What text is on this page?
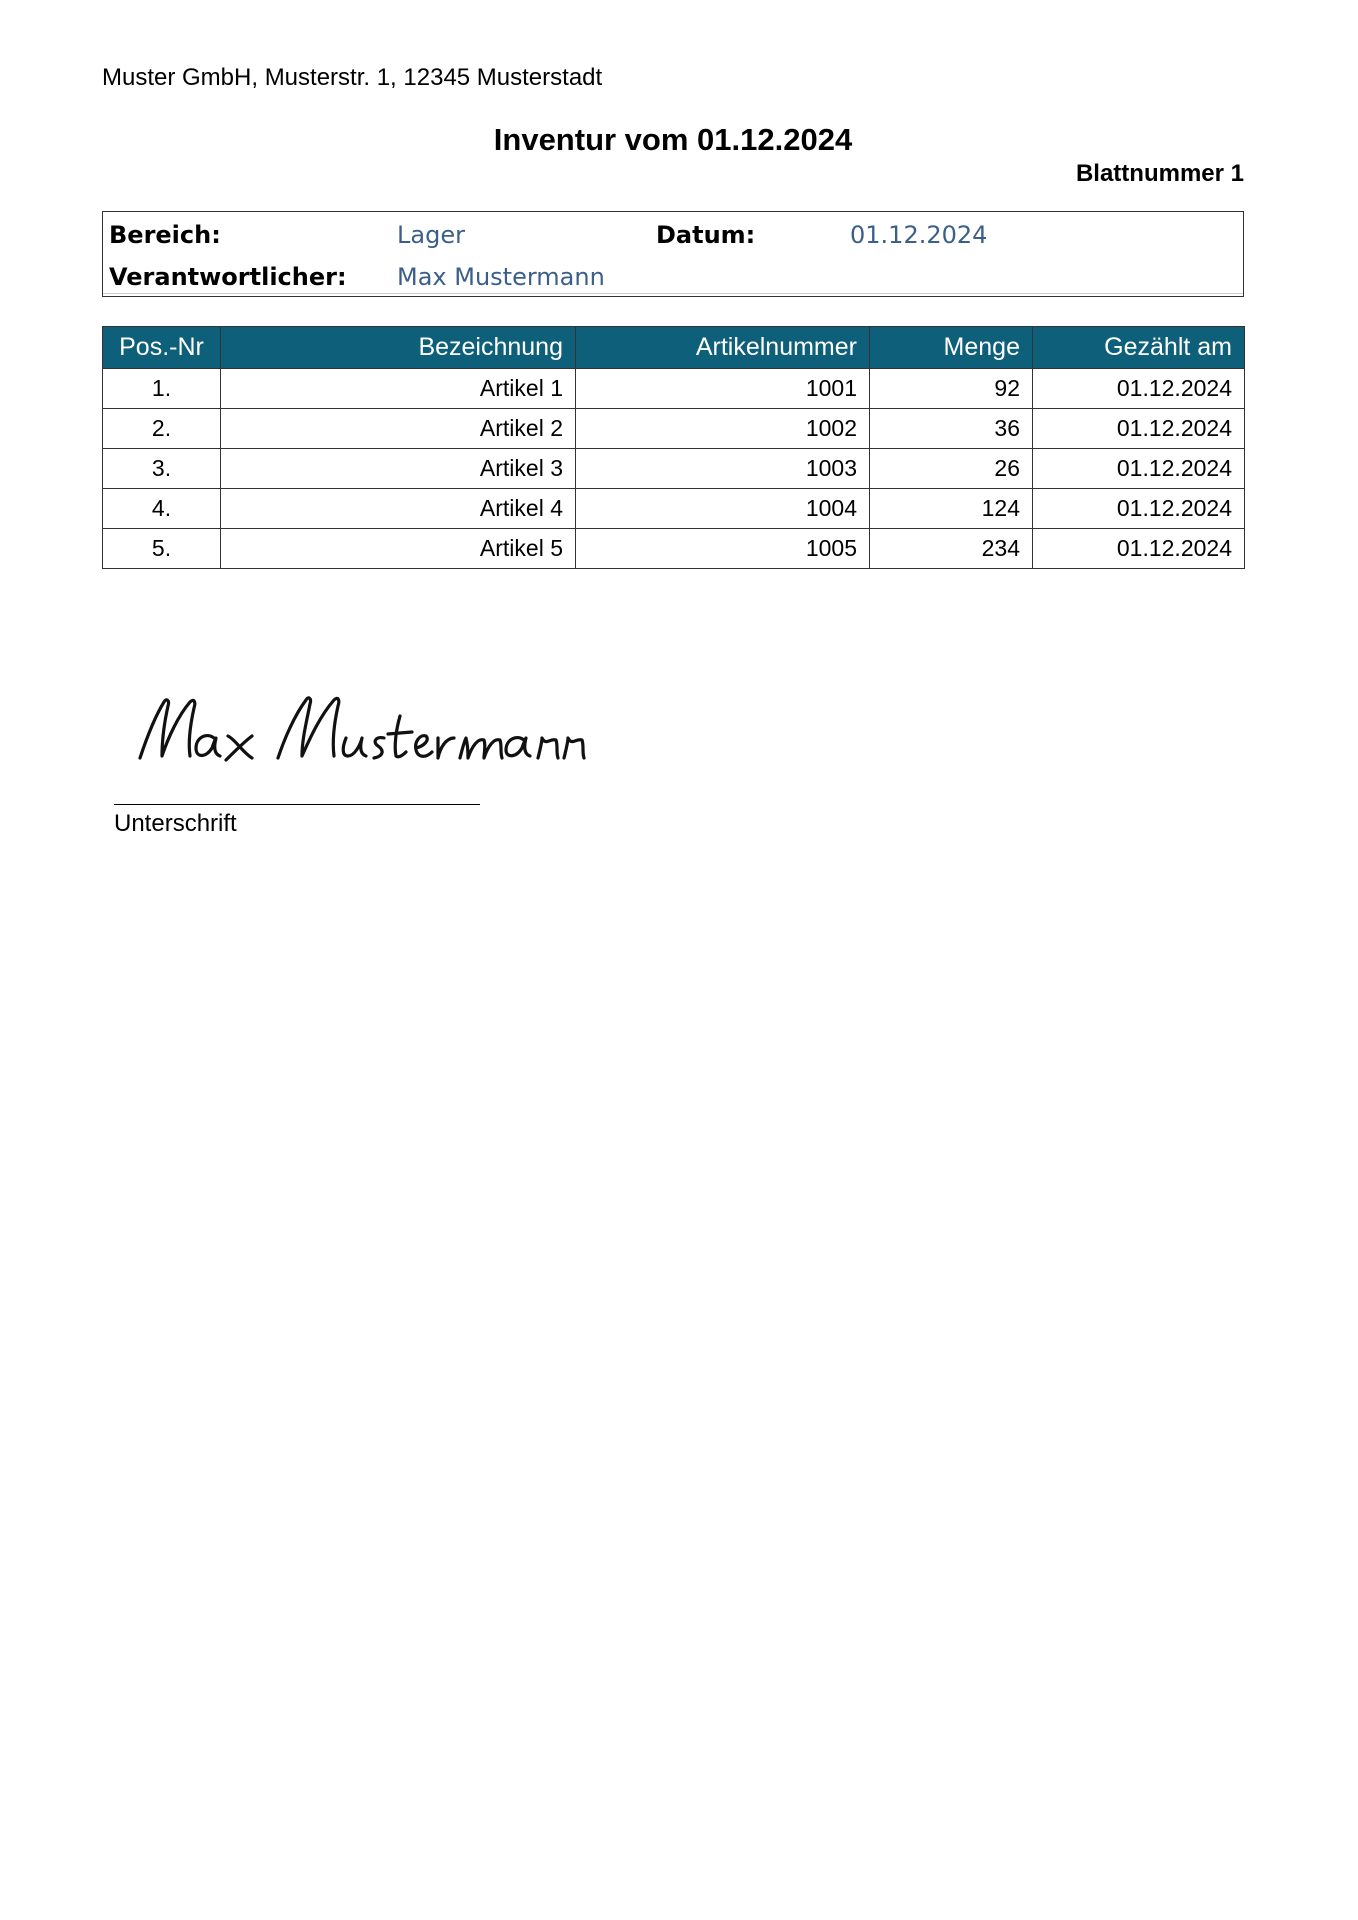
Muster GmbH, Musterstr. 1, 12345 Musterstadt
Inventur vom 01.12.2024
Blattnummer 1
Bereich:	Lager	Datum:	01.12.2024
Verantwortlicher: Max Mustermann
Pos.-Nr	Bezeichnung	Artikelnummer	Menge	Gezählt am
1.	Artikel 1	1001	92	01.12.2024
2.	Artikel 2	1002	36	01.12.2024
3.	Artikel 3	1003	26	01.12.2024
4.	Artikel 4	1004	124	01.12.2024
5.	Artikel 5	1005	234	01.12.2024
Unterschrift
